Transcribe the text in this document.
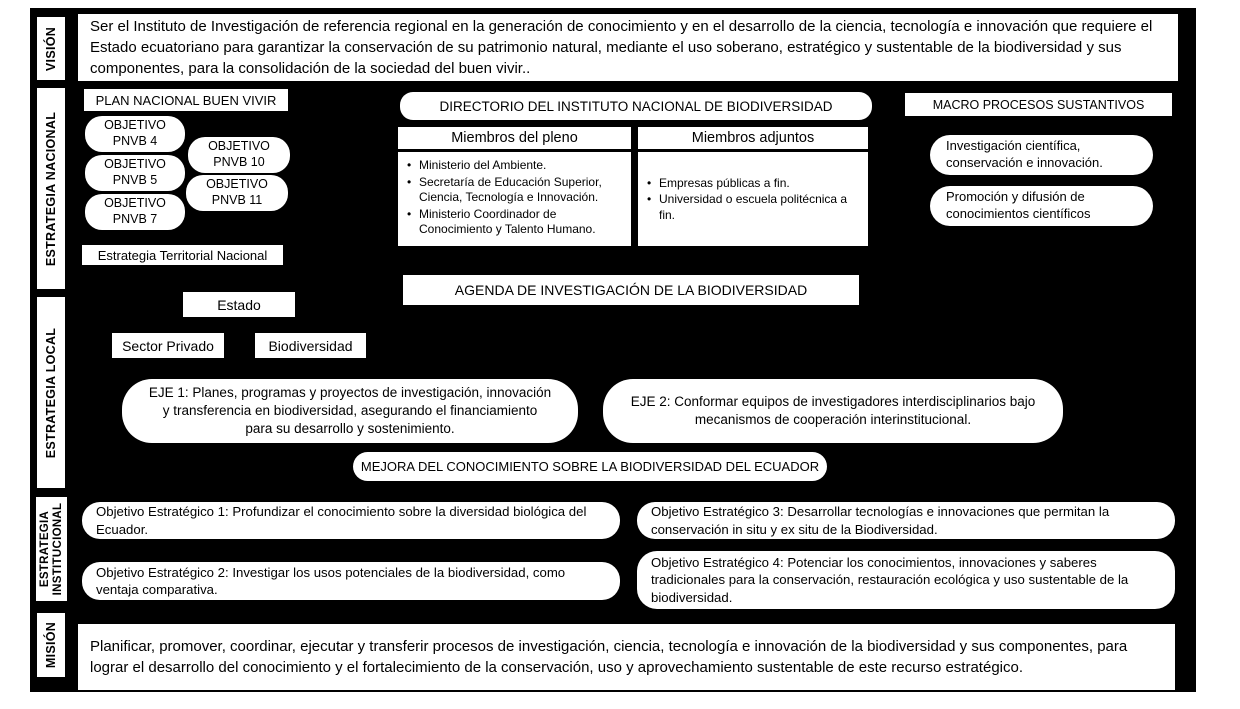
VISIÓN
ESTRATEGIA NACIONAL
ESTRATEGIA LOCAL
ESTRATEGIA INSTITUCIONAL
MISIÓN
Ser el Instituto de Investigación de referencia regional en la generación de conocimiento y en el desarrollo de la ciencia, tecnología e innovación que requiere el Estado ecuatoriano para garantizar la conservación de su patrimonio natural, mediante el uso soberano, estratégico y sustentable de la biodiversidad y sus componentes, para la consolidación de la sociedad del buen vivir..
PLAN NACIONAL BUEN VIVIR
OBJETIVO
PNVB 4	OBJETIVO
PNVB 10
OBJETIVO
PNVB 5	OBJETIVO
PNVB 11
OBJETIVO
PNVB 7
Estrategia Territorial Nacional
DIRECTORIO DEL INSTITUTO NACIONAL DE BIODIVERSIDAD
Miembros del pleno	Miembros adjuntos
• Ministerio del Ambiente.
• Secretaría de Educación Superior, Ciencia, Tecnología e Innovación.
• Ministerio Coordinador de Conocimiento y Talento Humano.
• Empresas públicas a fin.
• Universidad o escuela politécnica a fin.
MACRO PROCESOS SUSTANTIVOS
Investigación científica, conservación e innovación.
Promoción y difusión de conocimientos científicos
AGENDA DE INVESTIGACIÓN DE LA BIODIVERSIDAD
Estado
Sector Privado	Biodiversidad
EJE 1: Planes, programas y proyectos de investigación, innovación y transferencia en biodiversidad, asegurando el financiamiento para su desarrollo y sostenimiento.
EJE 2: Conformar equipos de investigadores interdisciplinarios bajo mecanismos de cooperación interinstitucional.
MEJORA DEL CONOCIMIENTO SOBRE LA BIODIVERSIDAD DEL ECUADOR
Objetivo Estratégico 1: Profundizar el conocimiento sobre la diversidad biológica del Ecuador.
Objetivo Estratégico 3: Desarrollar tecnologías e innovaciones que permitan la conservación in situ y ex situ de la Biodiversidad.
Objetivo Estratégico 2: Investigar los usos potenciales de la biodiversidad, como ventaja comparativa.
Objetivo Estratégico 4: Potenciar los conocimientos, innovaciones y saberes tradicionales para la conservación, restauración ecológica y uso sustentable de la biodiversidad.
Planificar, promover, coordinar, ejecutar y transferir procesos de investigación, ciencia, tecnología e innovación de la biodiversidad y sus componentes, para lograr el desarrollo del conocimiento y el fortalecimiento de la conservación, uso y aprovechamiento sustentable de este recurso estratégico.
